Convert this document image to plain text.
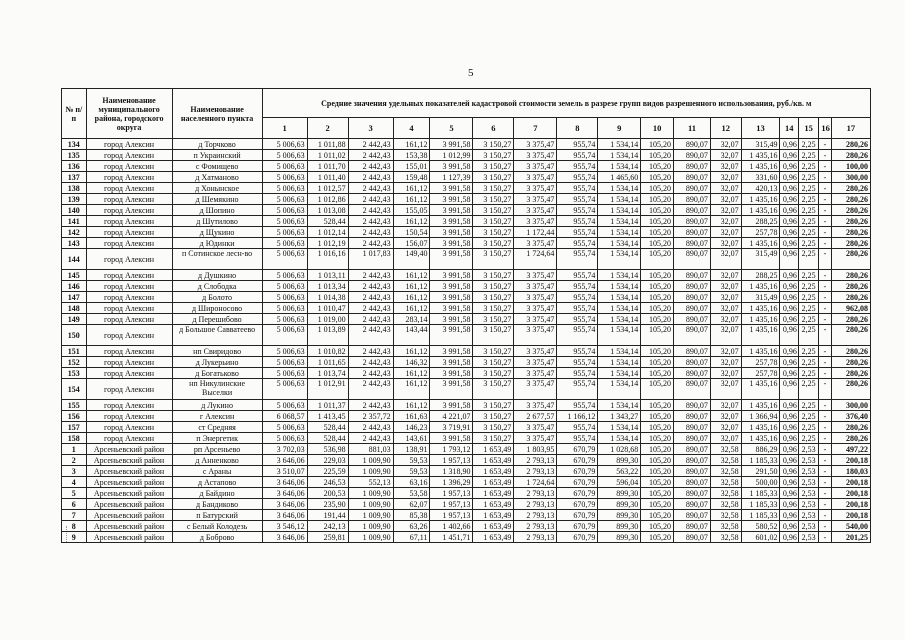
5
№ п/п	Наименование муниципального района, городского округа	Наименование населенного пункта	Средние значения удельных показателей кадастровой стоимости земель в разрезе групп видов разрешенного использования, руб./кв. м																
			1	2	3	4	5	6	7	8	9	10	11	12	13	14	15	16	17
134	город Алексин	д Торчково	5 006,63	1 011,88	2 442,43	161,12	3 991,58	3 150,27	3 375,47	955,74	1 534,14	105,20	890,07	32,07	315,49	0,96	2,25	-	280,26
135	город Алексин	п Украинский	5 006,63	1 011,02	2 442,43	153,38	1 012,99	3 150,27	3 375,47	955,74	1 534,14	105,20	890,07	32,07	1 435,16	0,96	2,25	-	280,26
136	город Алексин	с Фомищево	5 006,63	1 011,70	2 442,43	155,01	3 991,58	3 150,27	3 375,47	955,74	1 534,14	105,20	890,07	32,07	1 435,16	0,96	2,25	-	100,00
137	город Алексин	д Хатмановo	5 006,63	1 011,40	2 442,43	159,48	1 127,39	3 150,27	3 375,47	955,74	1 465,60	105,20	890,07	32,07	331,60	0,96	2,25	-	300,00
138	город Алексин	д Хонынское	5 006,63	1 012,57	2 442,43	161,12	3 991,58	3 150,27	3 375,47	955,74	1 534,14	105,20	890,07	32,07	420,13	0,96	2,25	-	280,26
139	город Алексин	д Шемякино	5 006,63	1 012,86	2 442,43	161,12	3 991,58	3 150,27	3 375,47	955,74	1 534,14	105,20	890,07	32,07	1 435,16	0,96	2,25	-	280,26
140	город Алексин	д Шопино	5 006,63	1 013,08	2 442,43	155,05	3 991,58	3 150,27	3 375,47	955,74	1 534,14	105,20	890,07	32,07	1 435,16	0,96	2,25	-	280,26
141	город Алексин	д Шутилово	5 006,63	528,44	2 442,43	161,12	3 991,58	3 150,27	3 375,47	955,74	1 534,14	105,20	890,07	32,07	288,25	0,96	2,25	-	280,26
142	город Алексин	д Щукино	5 006,63	1 012,14	2 442,43	150,54	3 991,58	3 150,27	1 172,44	955,74	1 534,14	105,20	890,07	32,07	257,78	0,96	2,25	-	280,26
143	город Алексин	д Юдинки	5 006,63	1 012,19	2 442,43	156,07	3 991,58	3 150,27	3 375,47	955,74	1 534,14	105,20	890,07	32,07	1 435,16	0,96	2,25	-	280,26
144	город Алексин	п Сотинское лесн-во	5 006,63	1 016,16	1 017,83	149,40	3 991,58	3 150,27	1 724,64	955,74	1 534,14	105,20	890,07	32,07	315,49	0,96	2,25	-	280,26
145	город Алексин	д Душкино	5 006,63	1 013,11	2 442,43	161,12	3 991,58	3 150,27	3 375,47	955,74	1 534,14	105,20	890,07	32,07	288,25	0,96	2,25	-	280,26
146	город Алексин	д Слободка	5 006,63	1 013,34	2 442,43	161,12	3 991,58	3 150,27	3 375,47	955,74	1 534,14	105,20	890,07	32,07	1 435,16	0,96	2,25	-	280,26
147	город Алексин	д Болото	5 006,63	1 014,38	2 442,43	161,12	3 991,58	3 150,27	3 375,47	955,74	1 534,14	105,20	890,07	32,07	315,49	0,96	2,25	-	280,26
148	город Алексин	д Широносово	5 006,63	1 010,47	2 442,43	161,12	3 991,58	3 150,27	3 375,47	955,74	1 534,14	105,20	890,07	32,07	1 435,16	0,96	2,25	-	962,08
149	город Алексин	д Перешибово	5 006,63	1 019,00	2 442,43	283,14	3 991,58	3 150,27	3 375,47	955,74	1 534,14	105,20	890,07	32,07	1 435,16	0,96	2,25	-	280,26
150	город Алексин	д Большое Савватеево	5 006,63	1 013,89	2 442,43	143,44	3 991,58	3 150,27	3 375,47	955,74	1 534,14	105,20	890,07	32,07	1 435,16	0,96	2,25	-	280,26
151	город Алексин	нп Свиридово	5 006,63	1 010,82	2 442,43	161,12	3 991,58	3 150,27	3 375,47	955,74	1 534,14	105,20	890,07	32,07	1 435,16	0,96	2,25	-	280,26
152	город Алексин	д Лукерьино	5 006,63	1 011,65	2 442,43	146,32	3 991,58	3 150,27	3 375,47	955,74	1 534,14	105,20	890,07	32,07	257,78	0,96	2,25	-	280,26
153	город Алексин	д Богатьково	5 006,63	1 013,74	2 442,43	161,12	3 991,58	3 150,27	3 375,47	955,74	1 534,14	105,20	890,07	32,07	257,78	0,96	2,25	-	280,26
154	город Алексин	нп Никулинские Выселки	5 006,63	1 012,91	2 442,43	161,12	3 991,58	3 150,27	3 375,47	955,74	1 534,14	105,20	890,07	32,07	1 435,16	0,96	2,25	-	280,26
155	город Алексин	д Лукино	5 006,63	1 011,37	2 442,43	161,12	3 991,58	3 150,27	3 375,47	955,74	1 534,14	105,20	890,07	32,07	1 435,16	0,96	2,25	-	300,00
156	город Алексин	г Алексин	6 068,57	1 413,45	2 357,72	161,63	4 221,07	3 150,27	2 677,57	1 166,12	1 343,27	105,20	890,07	32,07	1 366,94	0,96	2,25	-	376,40
157	город Алексин	ст Средняя	5 006,63	528,44	2 442,43	146,23	3 719,91	3 150,27	3 375,47	955,74	1 534,14	105,20	890,07	32,07	1 435,16	0,96	2,25	-	280,26
158	город Алексин	п Энергетик	5 006,63	528,44	2 442,43	143,61	3 991,58	3 150,27	3 375,47	955,74	1 534,14	105,20	890,07	32,07	1 435,16	0,96	2,25	-	280,26
1	Арсеньевский район	рп Арсеньево	3 702,03	536,98	881,03	138,91	1 793,12	1 653,49	1 803,95	670,79	1 028,68	105,20	890,07	32,58	886,29	0,96	2,53	-	497,22
2	Арсеньевский район	д Анненково	3 646,06	229,03	1 009,90	59,53	1 957,13	1 653,49	2 793,13	670,79	899,30	105,20	890,07	32,58	1 185,33	0,96	2,53	-	200,18
3	Арсеньевский район	с Араны	3 510,07	225,59	1 009,90	59,53	1 318,90	1 653,49	2 793,13	670,79	563,22	105,20	890,07	32,58	291,50	0,96	2,53	-	180,03
4	Арсеньевский район	д Астапово	3 646,06	246,53	552,13	63,16	1 396,29	1 653,49	1 724,64	670,79	596,04	105,20	890,07	32,58	500,00	0,96	2,53	-	200,18
5	Арсеньевский район	д Байдино	3 646,06	200,53	1 009,90	53,58	1 957,13	1 653,49	2 793,13	670,79	899,30	105,20	890,07	32,58	1 185,33	0,96	2,53	-	200,18
6	Арсеньевский район	д Бандиково	3 646,06	235,90	1 009,90	62,07	1 957,13	1 653,49	2 793,13	670,79	899,30	105,20	890,07	32,58	1 185,33	0,96	2,53	-	200,18
7	Арсеньевский район	п Батурский	3 646,06	191,44	1 009,90	85,38	1 957,13	1 653,49	2 793,13	670,79	899,30	105,20	890,07	32,58	1 185,33	0,96	2,53	-	200,18
8	Арсеньевский район	с Белый Колодезь	3 546,12	242,13	1 009,90	63,26	1 402,66	1 653,49	2 793,13	670,79	899,30	105,20	890,07	32,58	580,52	0,96	2,53	-	540,00
9	Арсеньевский район	д Боброво	3 646,06	259,81	1 009,90	67,11	1 451,71	1 653,49	2 793,13	670,79	899,30	105,20	890,07	32,58	601,02	0,96	2,53	-	201,25
